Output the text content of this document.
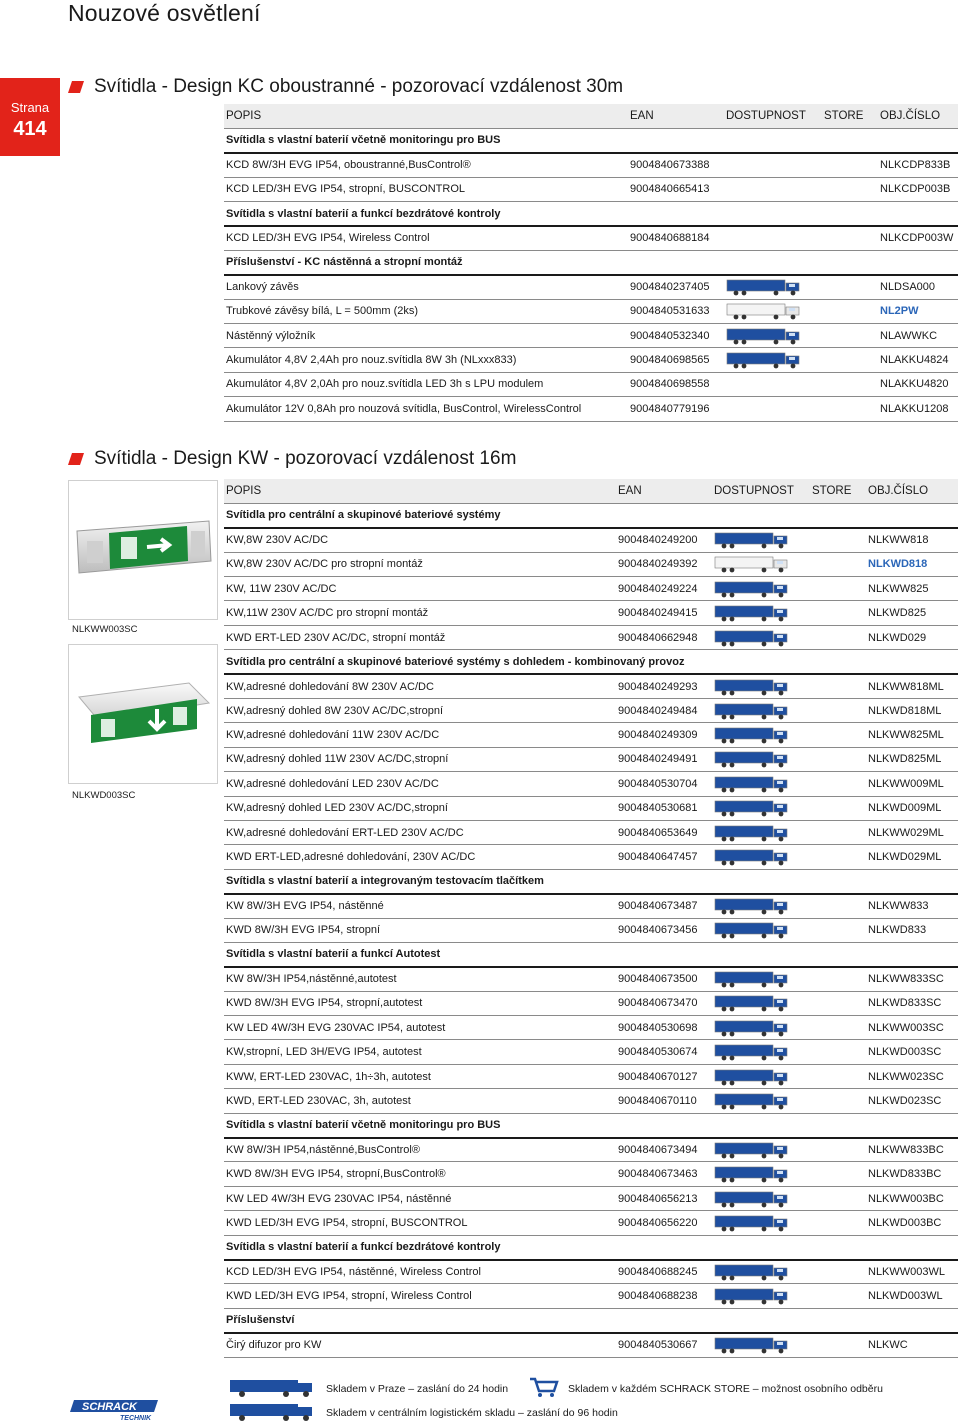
Nouzové osvětlení
Strana
414
Svítidla - Design KC oboustranné - pozorovací vzdálenost 30m
POPIS	EAN	DOSTUPNOST	STORE	OBJ.ČÍSLO
Svítidla s vlastní baterií včetně monitoringu pro BUS				
KCD 8W/3H EVG IP54, oboustranné,BusControl®	9004840673388			NLKCDP833B
KCD LED/3H EVG IP54, stropní, BUSCONTROL	9004840665413			NLKCDP003B
Svítidla s vlastní baterií a funkcí bezdrátové kontroly				
KCD LED/3H EVG IP54, Wireless Control	9004840688184			NLKCDP003W
Příslušenství - KC nástěnná a stropní montáž				
Lankový závěs	9004840237405			NLDSA000
Trubkové závěsy bílá, L = 500mm (2ks)	9004840531633			NL2PW
Nástěnný výložník	9004840532340			NLAWWKC
Akumulátor 4,8V 2,4Ah pro nouz.svítidla 8W 3h (NLxxx833)	9004840698565			NLAKKU4824
Akumulátor 4,8V 2,0Ah pro nouz.svítidla LED 3h s LPU modulem	9004840698558			NLAKKU4820
Akumulátor 12V 0,8Ah pro nouzová svítidla, BusControl, WirelessControl	9004840779196			NLAKKU1208
Svítidla - Design KW - pozorovací vzdálenost 16m
NLKWW003SC
NLKWD003SC
POPIS	EAN	DOSTUPNOST	STORE	OBJ.ČÍSLO
Svítidla pro centrální a skupinové bateriové systémy				
KW,8W 230V AC/DC	9004840249200			NLKWW818
KW,8W 230V AC/DC pro stropní montáž	9004840249392			NLKWD818
KW, 11W 230V AC/DC	9004840249224			NLKWW825
KW,11W 230V AC/DC pro stropní montáž	9004840249415			NLKWD825
KWD ERT-LED 230V AC/DC, stropní montáž	9004840662948			NLKWD029
Svítidla pro centrální a skupinové bateriové systémy s dohledem - kombinovaný provoz				
KW,adresné dohledování 8W 230V AC/DC	9004840249293			NLKWW818ML
KW,adresný dohled 8W 230V AC/DC,stropní	9004840249484			NLKWD818ML
KW,adresné dohledování 11W 230V AC/DC	9004840249309			NLKWW825ML
KW,adresný dohled 11W 230V AC/DC,stropní	9004840249491			NLKWD825ML
KW,adresné dohledování LED 230V AC/DC	9004840530704			NLKWW009ML
KW,adresný dohled LED 230V AC/DC,stropní	9004840530681			NLKWD009ML
KW,adresné dohledování ERT-LED 230V AC/DC	9004840653649			NLKWW029ML
KWD ERT-LED,adresné dohledování, 230V AC/DC	9004840647457			NLKWD029ML
Svítidla s vlastní baterií a integrovaným testovacím tlačítkem				
KW 8W/3H EVG IP54, nástěnné	9004840673487			NLKWW833
KWD 8W/3H EVG IP54, stropní	9004840673456			NLKWD833
Svítidla s vlastní baterií a funkcí Autotest				
KW 8W/3H IP54,nástěnné,autotest	9004840673500			NLKWW833SC
KWD 8W/3H EVG IP54, stropní,autotest	9004840673470			NLKWD833SC
KW LED 4W/3H EVG 230VAC IP54, autotest	9004840530698			NLKWW003SC
KW,stropní, LED 3H/EVG IP54, autotest	9004840530674			NLKWD003SC
KWW, ERT-LED 230VAC, 1h÷3h, autotest	9004840670127			NLKWW023SC
KWD, ERT-LED 230VAC, 3h, autotest	9004840670110			NLKWD023SC
Svítidla s vlastní baterií včetně monitoringu pro BUS				
KW 8W/3H IP54,nástěnné,BusControl®	9004840673494			NLKWW833BC
KWD 8W/3H EVG IP54, stropní,BusControl®	9004840673463			NLKWD833BC
KW LED 4W/3H EVG 230VAC IP54, nástěnné	9004840656213			NLKWW003BC
KWD LED/3H EVG IP54, stropní, BUSCONTROL	9004840656220			NLKWD003BC
Svítidla s vlastní baterií a funkcí bezdrátové kontroly				
KCD LED/3H EVG IP54, nástěnné, Wireless Control	9004840688245			NLKWW003WL
KWD LED/3H EVG IP54, stropní, Wireless Control	9004840688238			NLKWD003WL
Příslušenství				
Čirý difuzor pro KW	9004840530667			NLKWC
Skladem v Praze – zaslání do 24 hodin	Skladem v každém SCHRACK STORE – možnost osobního odběru
Skladem v centrálním logistickém skladu – zaslání do 96 hodin
SCHRACK
TECHNIK
